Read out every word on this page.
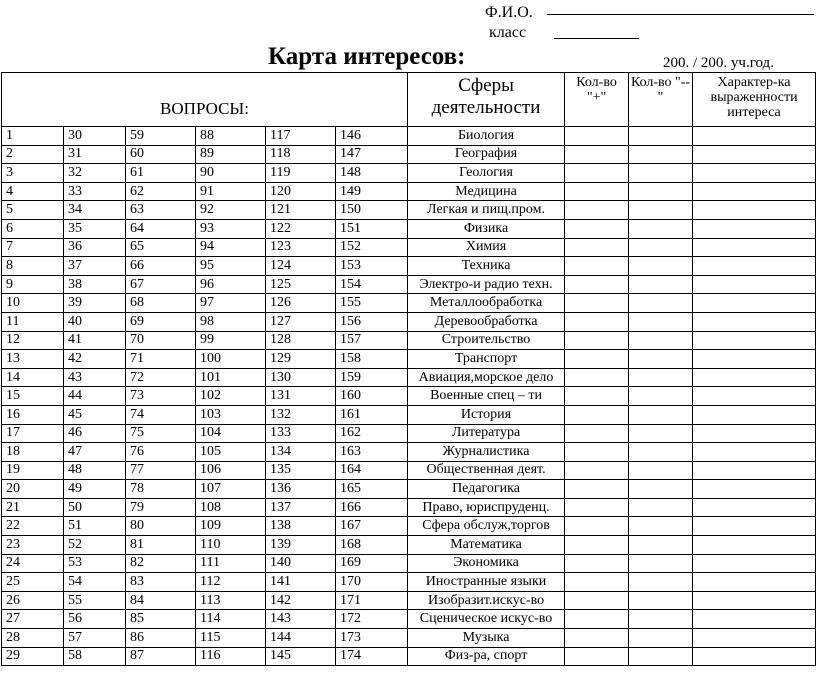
Ф.И.О.
класс
Карта интересов:	200. / 200. уч.год.
ВОПРОСЫ:						Сферы деятельности	Кол-во "+"	Кол-во "--"	Характер-ка выраженности интереса
1	30	59	88	117	146	Биология			
2	31	60	89	118	147	География			
3	32	61	90	119	148	Геология			
4	33	62	91	120	149	Медицина			
5	34	63	92	121	150	Легкая и пищ.пром.			
6	35	64	93	122	151	Физика			
7	36	65	94	123	152	Химия			
8	37	66	95	124	153	Техника			
9	38	67	96	125	154	Электро-и радио техн.			
10	39	68	97	126	155	Металлообработка			
11	40	69	98	127	156	Деревообработка			
12	41	70	99	128	157	Строительство			
13	42	71	100	129	158	Транспорт			
14	43	72	101	130	159	Авиация,морское дело			
15	44	73	102	131	160	Военные спец – ти			
16	45	74	103	132	161	История			
17	46	75	104	133	162	Литература			
18	47	76	105	134	163	Журналистика			
19	48	77	106	135	164	Общественная деят.			
20	49	78	107	136	165	Педагогика			
21	50	79	108	137	166	Право, юриспруденц.			
22	51	80	109	138	167	Сфера обслуж,торгов			
23	52	81	110	139	168	Математика			
24	53	82	111	140	169	Экономика			
25	54	83	112	141	170	Иностранные языки			
26	55	84	113	142	171	Изобразит.искус-во			
27	56	85	114	143	172	Сценическое искус-во			
28	57	86	115	144	173	Музыка			
29	58	87	116	145	174	Физ-ра, спорт			
